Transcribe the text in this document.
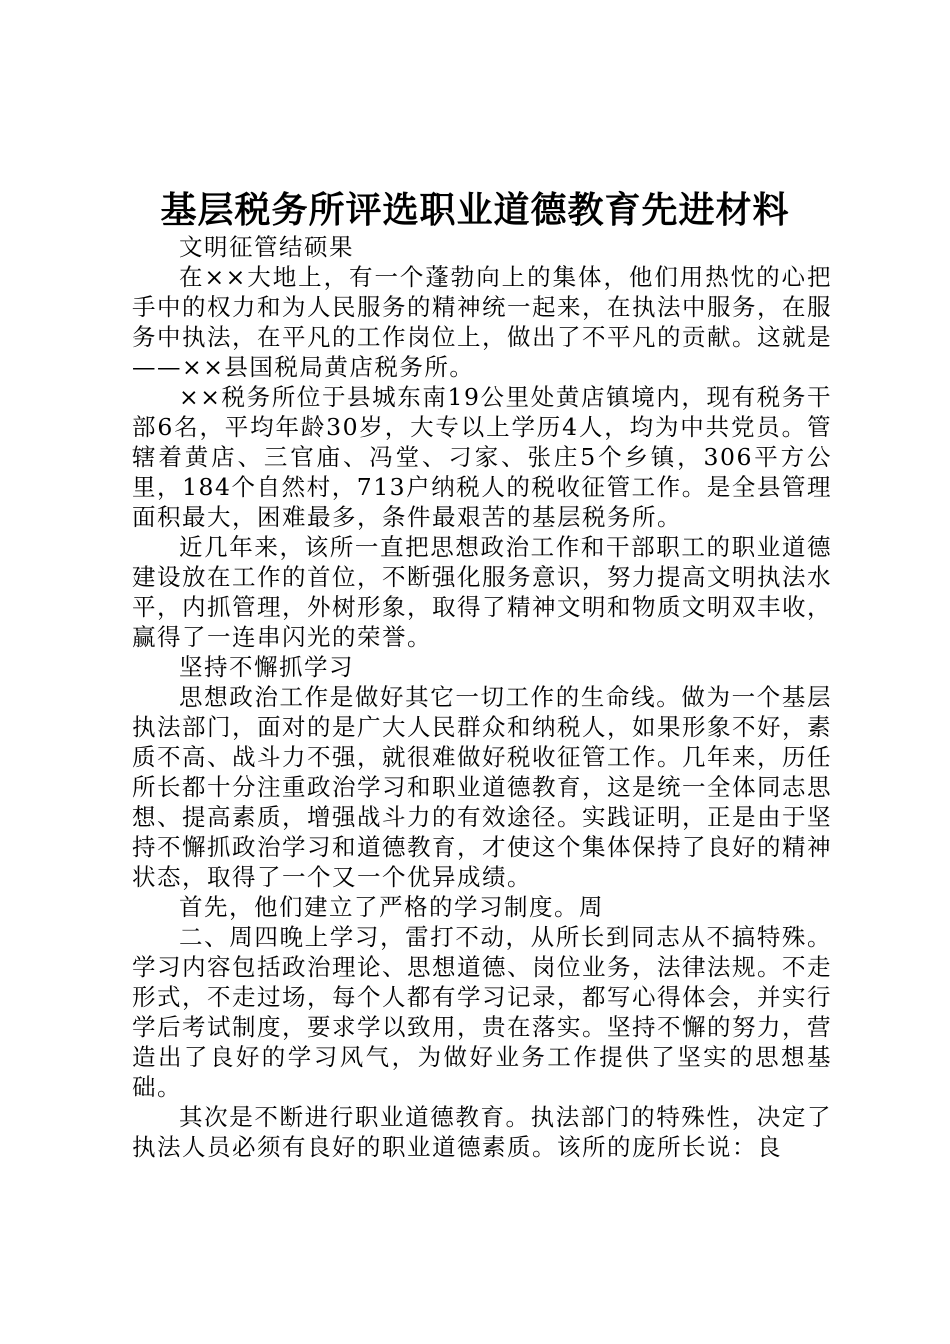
基层税务所评选职业道德教育先进材料

文明征管结硕果

在××大地上，有一个蓬勃向上的集体，他们用热忱的心把手中的权力和为人民服务的精神统一起来，在执法中服务，在服务中执法，在平凡的工作岗位上，做出了不平凡的贡献。这就是——××县国税局黄店税务所。

××税务所位于县城东南19公里处黄店镇境内，现有税务干部6名，平均年龄30岁，大专以上学历4人，均为中共党员。管辖着黄店、三官庙、冯堂、刁家、张庄5个乡镇，306平方公里，184个自然村，713户纳税人的税收征管工作。是全县管理面积最大，困难最多，条件最艰苦的基层税务所。

近几年来，该所一直把思想政治工作和干部职工的职业道德建设放在工作的首位，不断强化服务意识，努力提高文明执法水平，内抓管理，外树形象，取得了精神文明和物质文明双丰收，赢得了一连串闪光的荣誉。

坚持不懈抓学习

思想政治工作是做好其它一切工作的生命线。做为一个基层执法部门，面对的是广大人民群众和纳税人，如果形象不好，素质不高、战斗力不强，就很难做好税收征管工作。几年来，历任所长都十分注重政治学习和职业道德教育，这是统一全体同志思想、提高素质，增强战斗力的有效途径。实践证明，正是由于坚持不懈抓政治学习和道德教育，才使这个集体保持了良好的精神状态，取得了一个又一个优异成绩。

首先，他们建立了严格的学习制度。周

二、周四晚上学习，雷打不动，从所长到同志从不搞特殊。学习内容包括政治理论、思想道德、岗位业务，法律法规。不走形式，不走过场，每个人都有学习记录，都写心得体会，并实行学后考试制度，要求学以致用，贵在落实。坚持不懈的努力，营造出了良好的学习风气，为做好业务工作提供了坚实的思想基础。

其次是不断进行职业道德教育。执法部门的特殊性，决定了执法人员必须有良好的职业道德素质。该所的庞所长说：良
